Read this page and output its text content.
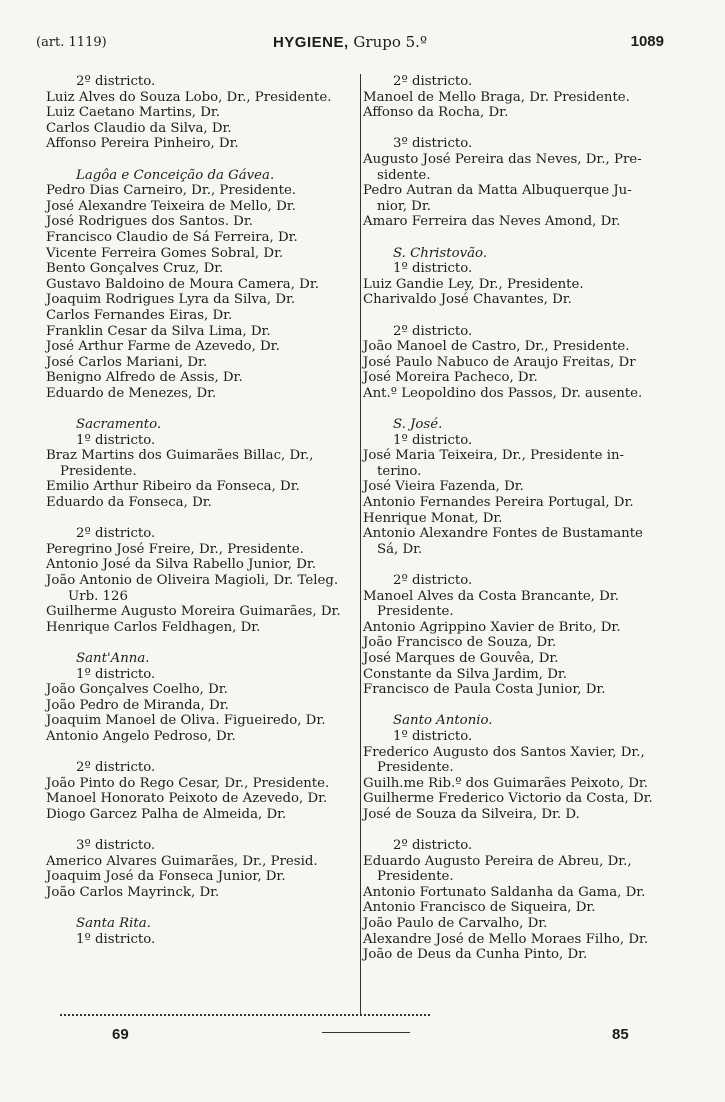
(art. 1119)	HYGIENE, Grupo 5.º	1089
2º districto.
Luiz Alves do Souza Lobo, Dr., Presidente.
Luiz Caetano Martins, Dr.
Carlos Claudio da Silva, Dr.
Affonso Pereira Pinheiro, Dr.
Lagôa e Conceição da Gávea.
Pedro Dias Carneiro, Dr., Presidente.
José Alexandre Teixeira de Mello, Dr.
José Rodrigues dos Santos. Dr.
Francisco Claudio de Sá Ferreira, Dr.
Vicente Ferreira Gomes Sobral, Dr.
Bento Gonçalves Cruz, Dr.
Gustavo Baldoino de Moura Camera, Dr.
Joaquim Rodrigues Lyra da Silva, Dr.
Carlos Fernandes Eiras, Dr.
Franklin Cesar da Silva Lima, Dr.
José Arthur Farme de Azevedo, Dr.
José Carlos Mariani, Dr.
Benigno Alfredo de Assis, Dr.
Eduardo de Menezes, Dr.
Sacramento.
1º districto.
Braz Martins dos Guimarães Billac, Dr.,
Presidente.
Emilio Arthur Ribeiro da Fonseca, Dr.
Eduardo da Fonseca, Dr.
2º districto.
Peregrino José Freire, Dr., Presidente.
Antonio José da Silva Rabello Junior, Dr.
João Antonio de Oliveira Magioli, Dr. Teleg.
Urb. 126
Guilherme Augusto Moreira Guimarães, Dr.
Henrique Carlos Feldhagen, Dr.
Sant'Anna.
1º districto.
João Gonçalves Coelho, Dr.
João Pedro de Miranda, Dr.
Joaquim Manoel de Oliva. Figueiredo, Dr.
Antonio Angelo Pedroso, Dr.
2º districto.
João Pinto do Rego Cesar, Dr., Presidente.
Manoel Honorato Peixoto de Azevedo, Dr.
Diogo Garcez Palha de Almeida, Dr.
3º districto.
Americo Alvares Guimarães, Dr., Presid.
Joaquim José da Fonseca Junior, Dr.
João Carlos Mayrinck, Dr.
Santa Rita.
1º districto.
2º districto.
Manoel de Mello Braga, Dr. Presidente.
Affonso da Rocha, Dr.
3º districto.
Augusto José Pereira das Neves, Dr., Pre-
sidente.
Pedro Autran da Matta Albuquerque Ju-
nior, Dr.
Amaro Ferreira das Neves Amond, Dr.
S. Christovão.
1º districto.
Luiz Gandie Ley, Dr., Presidente.
Charivaldo José Chavantes, Dr.
2º districto.
João Manoel de Castro, Dr., Presidente.
José Paulo Nabuco de Araujo Freitas, Dr
José Moreira Pacheco, Dr.
Ant.º Leopoldino dos Passos, Dr. ausente.
S. José.
1º districto.
José Maria Teixeira, Dr., Presidente in-
terino.
José Vieira Fazenda, Dr.
Antonio Fernandes Pereira Portugal, Dr.
Henrique Monat, Dr.
Antonio Alexandre Fontes de Bustamante
Sá, Dr.
2º districto.
Manoel Alves da Costa Brancante, Dr.
Presidente.
Antonio Agrippino Xavier de Brito, Dr.
João Francisco de Souza, Dr.
José Marques de Gouvêa, Dr.
Constante da Silva Jardim, Dr.
Francisco de Paula Costa Junior, Dr.
Santo Antonio.
1º districto.
Frederico Augusto dos Santos Xavier, Dr.,
Presidente.
Guilh.me Rib.º dos Guimarães Peixoto, Dr.
Guilherme Frederico Victorio da Costa, Dr.
José de Souza da Silveira, Dr. D.
2º districto.
Eduardo Augusto Pereira de Abreu, Dr.,
Presidente.
Antonio Fortunato Saldanha da Gama, Dr.
Antonio Francisco de Siqueira, Dr.
João Paulo de Carvalho, Dr.
Alexandre José de Mello Moraes Filho, Dr.
João de Deus da Cunha Pinto, Dr.
69	85
